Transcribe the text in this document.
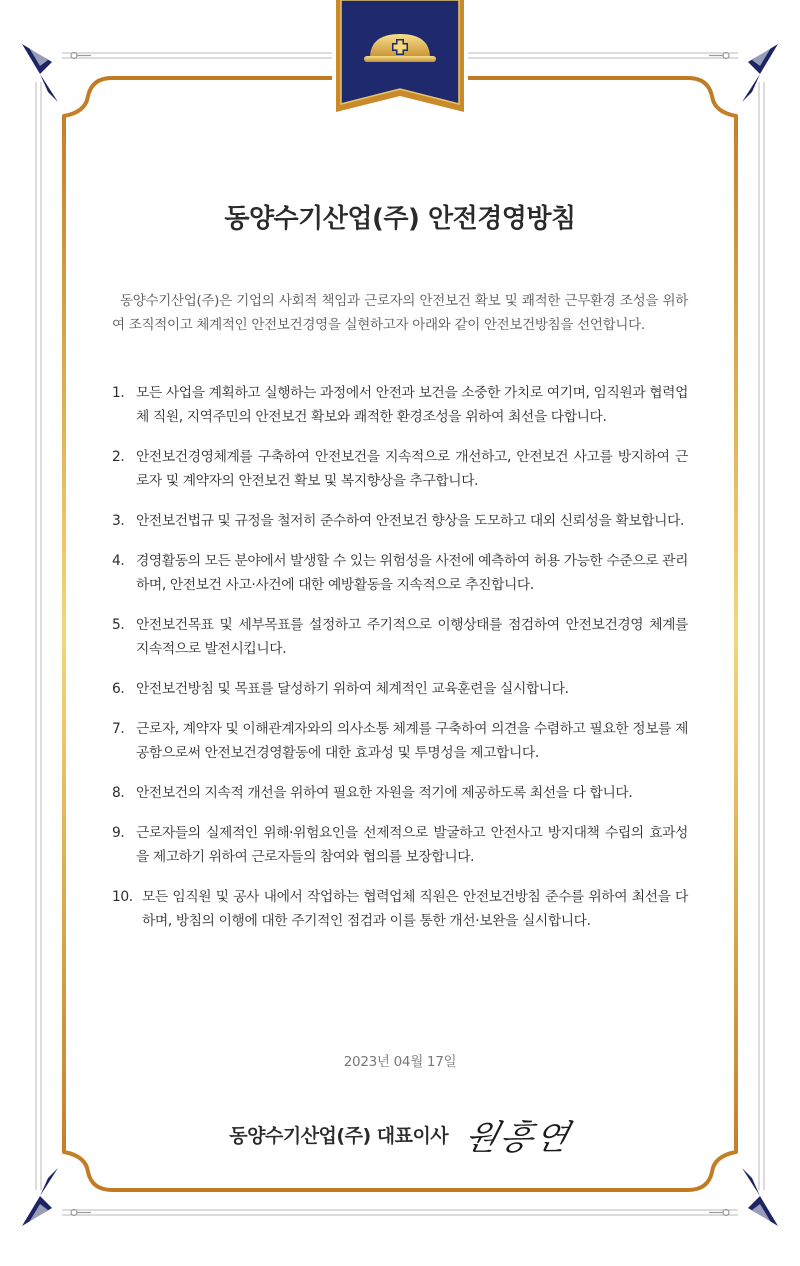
동양수기산업(주) 안전경영방침

동양수기산업(주)은 기업의 사회적 책임과 근로자의 안전보건 확보 및 쾌적한 근무환경 조성을 위하여 조직적이고 체계적인 안전보건경영을 실현하고자 아래와 같이 안전보건방침을 선언합니다.

1. 모든 사업을 계획하고 실행하는 과정에서 안전과 보건을 소중한 가치로 여기며, 임직원과 협력업체 직원, 지역주민의 안전보건 확보와 쾌적한 환경조성을 위하여 최선을 다합니다.
2. 안전보건경영체계를 구축하여 안전보건을 지속적으로 개선하고, 안전보건 사고를 방지하여 근로자 및 계약자의 안전보건 확보 및 복지향상을 추구합니다.
3. 안전보건법규 및 규정을 철저히 준수하여 안전보건 향상을 도모하고 대외 신뢰성을 확보합니다.
4. 경영활동의 모든 분야에서 발생할 수 있는 위험성을 사전에 예측하여 허용 가능한 수준으로 관리하며, 안전보건 사고·사건에 대한 예방활동을 지속적으로 추진합니다.
5. 안전보건목표 및 세부목표를 설정하고 주기적으로 이행상태를 점검하여 안전보건경영 체계를 지속적으로 발전시킵니다.
6. 안전보건방침 및 목표를 달성하기 위하여 체계적인 교육훈련을 실시합니다.
7. 근로자, 계약자 및 이해관계자와의 의사소통 체계를 구축하여 의견을 수렴하고 필요한 정보를 제공함으로써 안전보건경영활동에 대한 효과성 및 투명성을 제고합니다.
8. 안전보건의 지속적 개선을 위하여 필요한 자원을 적기에 제공하도록 최선을 다 합니다.
9. 근로자들의 실제적인 위해·위험요인을 선제적으로 발굴하고 안전사고 방지대책 수립의 효과성을 제고하기 위하여 근로자들의 참여와 협의를 보장합니다.
10. 모든 임직원 및 공사 내에서 작업하는 협력업체 직원은 안전보건방침 준수를 위하여 최선을 다하며, 방침의 이행에 대한 주기적인 점검과 이를 통한 개선·보완을 실시합니다.
2023년 04월 17일
동양수기산업(주) 대표이사 원흥연
